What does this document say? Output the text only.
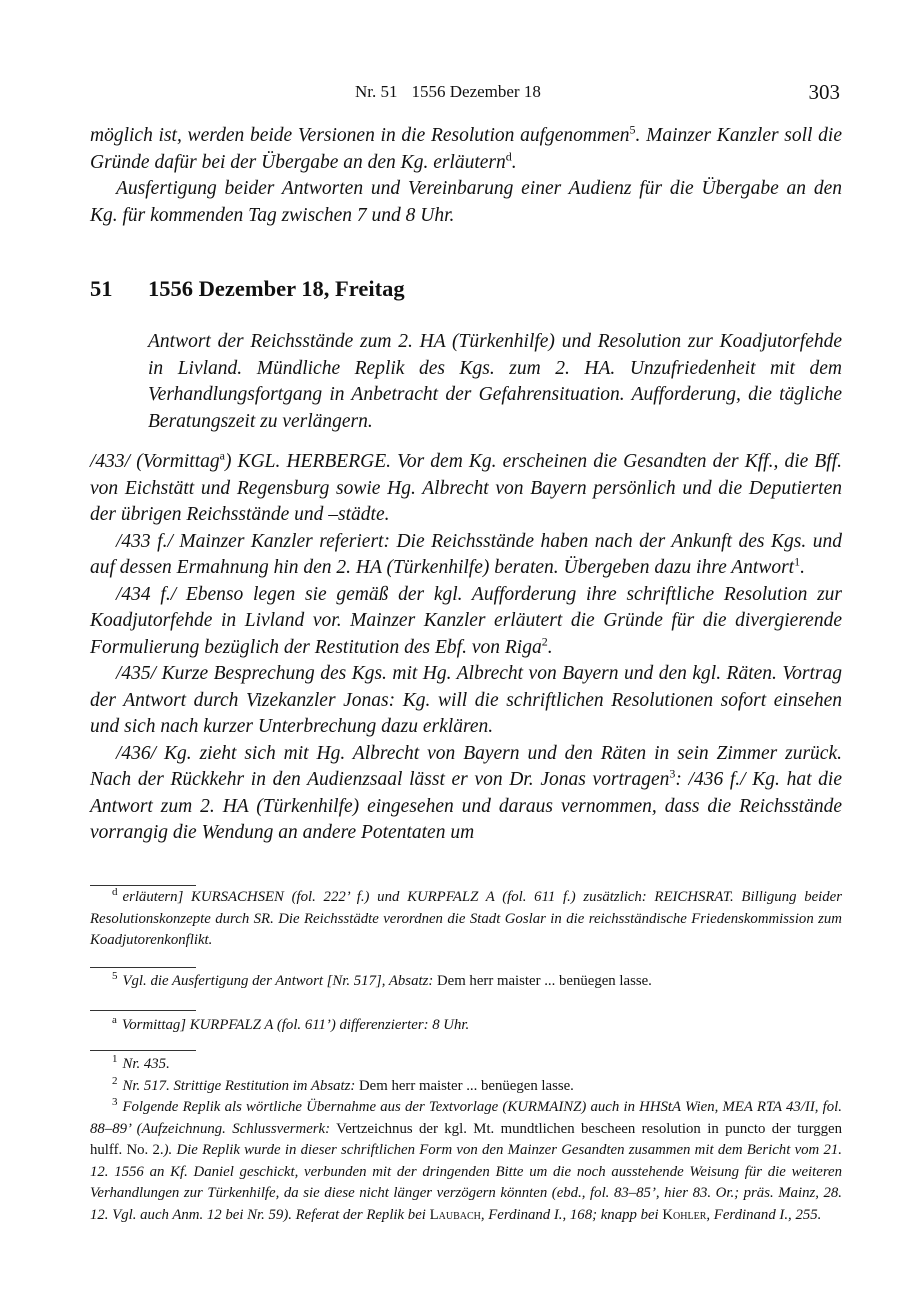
Nr. 51 1556 Dezember 18	303

möglich ist, werden beide Versionen in die Resolution aufgenommen$^5$. Mainzer Kanzler soll die Gründe dafür bei der Übergabe an den Kg. erläutern$^d$.

Ausfertigung beider Antworten und Vereinbarung einer Audienz für die Übergabe an den Kg. für kommenden Tag zwischen 7 und 8 Uhr.

51 1556 Dezember 18, Freitag
Antwort der Reichsstände zum 2. HA (Türkenhilfe) und Resolution zur Koadjutorfehde in Livland. Mündliche Replik des Kgs. zum 2. HA. Unzufriedenheit mit dem Verhandlungsfortgang in Anbetracht der Gefahrensituation. Aufforderung, die tägliche Beratungszeit zu verlängern.

/433/ (Vormittag$^a$) KGL. HERBERGE. Vor dem Kg. erscheinen die Gesandten der Kff., die Bff. von Eichstätt und Regensburg sowie Hg. Albrecht von Bayern persönlich und die Deputierten der übrigen Reichsstände und –städte.

/433 f./ Mainzer Kanzler referiert: Die Reichsstände haben nach der Ankunft des Kgs. und auf dessen Ermahnung hin den 2. HA (Türkenhilfe) beraten. Übergeben dazu ihre Antwort$^1$.

/434 f./ Ebenso legen sie gemäß der kgl. Aufforderung ihre schriftliche Resolution zur Koadjutorfehde in Livland vor. Mainzer Kanzler erläutert die Gründe für die divergierende Formulierung bezüglich der Restitution des Ebf. von Riga$^2$.

/435/ Kurze Besprechung des Kgs. mit Hg. Albrecht von Bayern und den kgl. Räten. Vortrag der Antwort durch Vizekanzler Jonas: Kg. will die schriftlichen Resolutionen sofort einsehen und sich nach kurzer Unterbrechung dazu erklären.

/436/ Kg. zieht sich mit Hg. Albrecht von Bayern und den Räten in sein Zimmer zurück. Nach der Rückkehr in den Audienzsaal lässt er von Dr. Jonas vortragen$^3$: /436 f./ Kg. hat die Antwort zum 2. HA (Türkenhilfe) eingesehen und daraus vernommen, dass die Reichsstände vorrangig die Wendung an andere Potentaten um

$^d$ erläutern] KURSACHSEN (fol. 222’ f.) und KURPFALZ A (fol. 611 f.) zusätzlich: REICHSRAT. Billigung beider Resolutionskonzepte durch SR. Die Reichsstädte verordnen die Stadt Goslar in die reichsständische Friedenskommission zum Koadjutorenkonflikt.

$^5$ Vgl. die Ausfertigung der Antwort [Nr. 517], Absatz: Dem herr maister ... benüegen lasse.

$^a$ Vormittag] KURPFALZ A (fol. 611’) differenzierter: 8 Uhr.

$^1$ Nr. 435.

$^2$ Nr. 517. Strittige Restitution im Absatz: Dem herr maister ... benüegen lasse.

$^3$ Folgende Replik als wörtliche Übernahme aus der Textvorlage (KURMAINZ) auch in HHStA Wien, MEA RTA 43/II, fol. 88–89’ (Aufzeichnung. Schlussvermerk: Vertzeichnus der kgl. Mt. mundtlichen bescheen resolution in puncto der turggen hulff. No. 2.). Die Replik wurde in dieser schriftlichen Form von den Mainzer Gesandten zusammen mit dem Bericht vom 21. 12. 1556 an Kf. Daniel geschickt, verbunden mit der dringenden Bitte um die noch ausstehende Weisung für die weiteren Verhandlungen zur Türkenhilfe, da sie diese nicht länger verzögern könnten (ebd., fol. 83–85’, hier 83. Or.; präs. Mainz, 28. 12. Vgl. auch Anm. 12 bei Nr. 59). Referat der Replik bei Laubach, Ferdinand I., 168; knapp bei Kohler, Ferdinand I., 255.
